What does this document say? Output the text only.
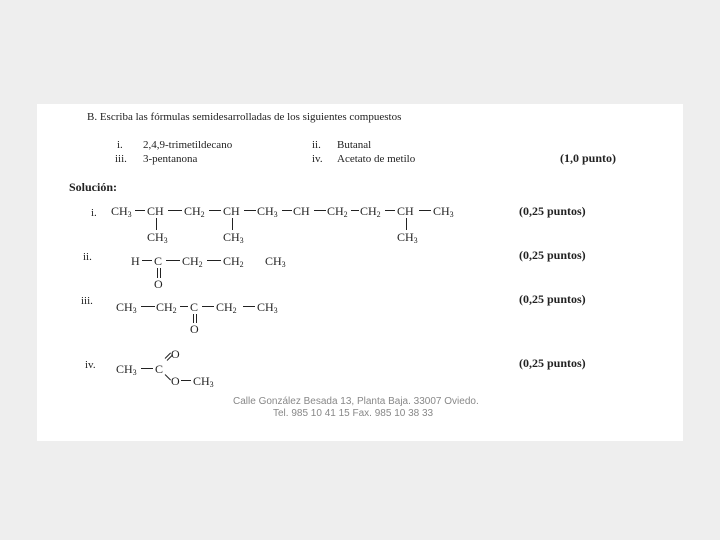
B. Escriba las fórmulas semidesarrolladas de los siguientes compuestos
i. 2,4,9-trimetildecano	ii. Butanal
iii. 3-pentanona	iv. Acetato de metilo	(1,0 punto)
Solución:
i.	(0,25 puntos)
$CH_3$ CH $CH_2$ CH $CH_3$ CH $CH_2$ $CH_2$ CH $CH_3$
$CH_3$	$CH_3$	$CH_3$
ii.	(0,25 puntos)
H C $CH_2$ $CH_2$ $CH_3$
O
iii.	(0,25 puntos)
$CH_3$ $CH_2$ C $CH_2$ $CH_3$
O
iv.	(0,25 puntos)
$CH_3$ C
O
O $CH_3$
Calle González Besada 13, Planta Baja. 33007 Oviedo.
Tel. 985 10 41 15 Fax. 985 10 38 33
